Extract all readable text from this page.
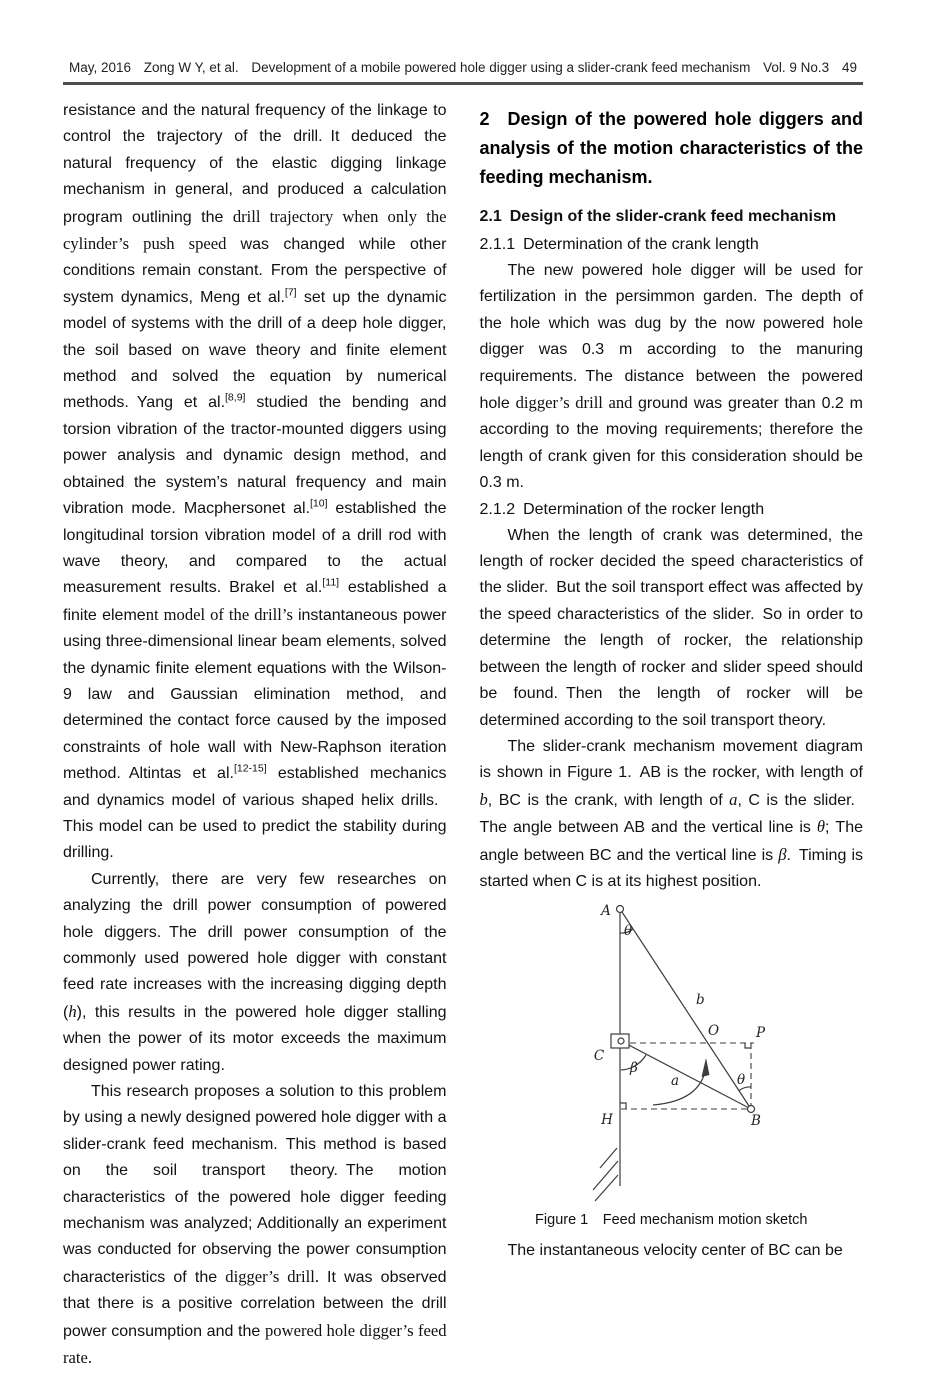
May, 2016 Zong W Y, et al. Development of a mobile powered hole digger using a slider-crank feed mechanism Vol. 9 No.3 49

resistance and the natural frequency of the linkage to control the trajectory of the drill. It deduced the natural frequency of the elastic digging linkage mechanism in general, and produced a calculation program outlining the drill trajectory when only the cylinder’s push speed was changed while other conditions remain constant. From the perspective of system dynamics, Meng et al.[7] set up the dynamic model of systems with the drill of a deep hole digger, the soil based on wave theory and finite element method and solved the equation by numerical methods. Yang et al.[8,9] studied the bending and torsion vibration of the tractor-mounted diggers using power analysis and dynamic design method, and obtained the system’s natural frequency and main vibration mode. Macphersonet al.[10] established the longitudinal torsion vibration model of a drill rod with wave theory, and compared to the actual measurement results. Brakel et al.[11] established a finite element model of the drill’s instantaneous power using three-dimensional linear beam elements, solved the dynamic finite element equations with the Wilson-9 law and Gaussian elimination method, and determined the contact force caused by the imposed constraints of hole wall with New-Raphson iteration method. Altintas et al.[12-15] established mechanics and dynamics model of various shaped helix drills. This model can be used to predict the stability during drilling.

Currently, there are very few researches on analyzing the drill power consumption of powered hole diggers. The drill power consumption of the commonly used powered hole digger with constant feed rate increases with the increasing digging depth (h), this results in the powered hole digger stalling when the power of its motor exceeds the maximum designed power rating.

This research proposes a solution to this problem by using a newly designed powered hole digger with a slider-crank feed mechanism. This method is based on the soil transport theory. The motion characteristics of the powered hole digger feeding mechanism was analyzed; Additionally an experiment was conducted for observing the power consumption characteristics of the digger’s drill. It was observed that there is a positive correlation between the drill power consumption and the powered hole digger’s feed rate.

2 Design of the powered hole diggers and analysis of the motion characteristics of the feeding mechanism.
2.1 Design of the slider-crank feed mechanism
2.1.1 Determination of the crank length

The new powered hole digger will be used for fertilization in the persimmon garden. The depth of the hole which was dug by the now powered hole digger was 0.3 m according to the manuring requirements. The distance between the powered hole digger’s drill and ground was greater than 0.2 m according to the moving requirements; therefore the length of crank given for this consideration should be 0.3 m.

2.1.2 Determination of the rocker length

When the length of crank was determined, the length of rocker decided the speed characteristics of the slider. But the soil transport effect was affected by the speed characteristics of the slider. So in order to determine the length of rocker, the relationship between the length of rocker and slider speed should be found. Then the length of rocker will be determined according to the soil transport theory.

The slider-crank mechanism movement diagram is shown in Figure 1. AB is the rocker, with length of b, BC is the crank, with length of a, C is the slider. The angle between AB and the vertical line is θ; The angle between BC and the vertical line is β. Timing is started when C is at its highest position.

A
θ
b
O	P
C
β
a	θ
H	B
Figure 1 Feed mechanism motion sketch

The instantaneous velocity center of BC can be
